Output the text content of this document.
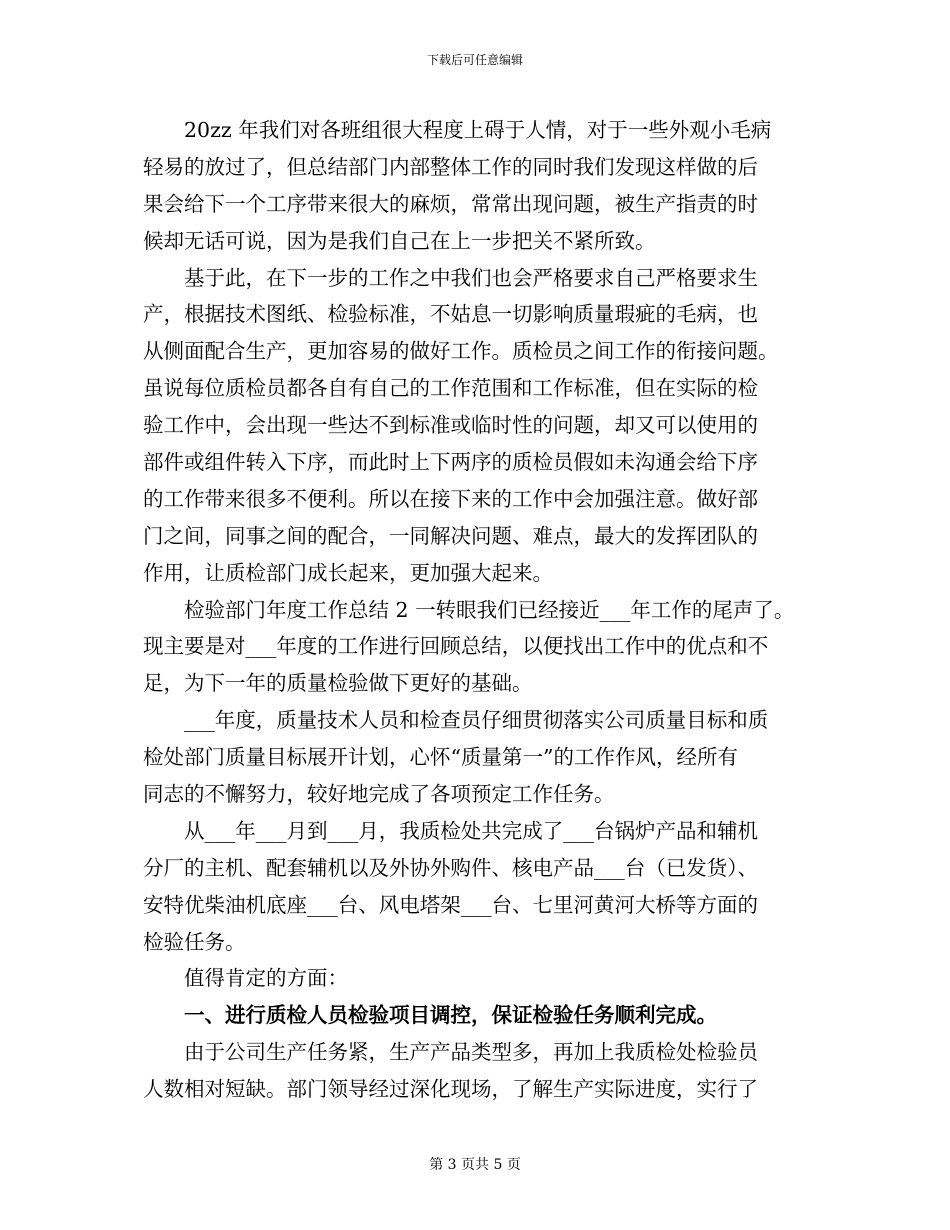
下载后可任意编辑
20zz 年我们对各班组很大程度上碍于人情，对于一些外观小毛病
轻易的放过了，但总结部门内部整体工作的同时我们发现这样做的后
果会给下一个工序带来很大的麻烦，常常出现问题，被生产指责的时
候却无话可说，因为是我们自己在上一步把关不紧所致。
基于此，在下一步的工作之中我们也会严格要求自己严格要求生
产，根据技术图纸、检验标准，不姑息一切影响质量瑕疵的毛病，也
从侧面配合生产，更加容易的做好工作。质检员之间工作的衔接问题。
虽说每位质检员都各自有自己的工作范围和工作标准，但在实际的检
验工作中，会出现一些达不到标准或临时性的问题，却又可以使用的
部件或组件转入下序，而此时上下两序的质检员假如未沟通会给下序
的工作带来很多不便利。所以在接下来的工作中会加强注意。做好部
门之间，同事之间的配合，一同解决问题、难点，最大的发挥团队的
作用，让质检部门成长起来，更加强大起来。
检验部门年度工作总结 2 一转眼我们已经接近___年工作的尾声了。
现主要是对___年度的工作进行回顾总结，以便找出工作中的优点和不
足，为下一年的质量检验做下更好的基础。
___年度，质量技术人员和检查员仔细贯彻落实公司质量目标和质
检处部门质量目标展开计划，心怀“质量第一”的工作作风，经所有
同志的不懈努力，较好地完成了各项预定工作任务。
从___年___月到___月，我质检处共完成了___台锅炉产品和辅机
分厂的主机、配套辅机以及外协外购件、核电产品___台（已发货）、
安特优柴油机底座___台、风电塔架___台、七里河黄河大桥等方面的
检验任务。
值得肯定的方面：
一、进行质检人员检验项目调控，保证检验任务顺利完成。
由于公司生产任务紧，生产产品类型多，再加上我质检处检验员
人数相对短缺。部门领导经过深化现场，了解生产实际进度，实行了
第 3 页共 5 页
